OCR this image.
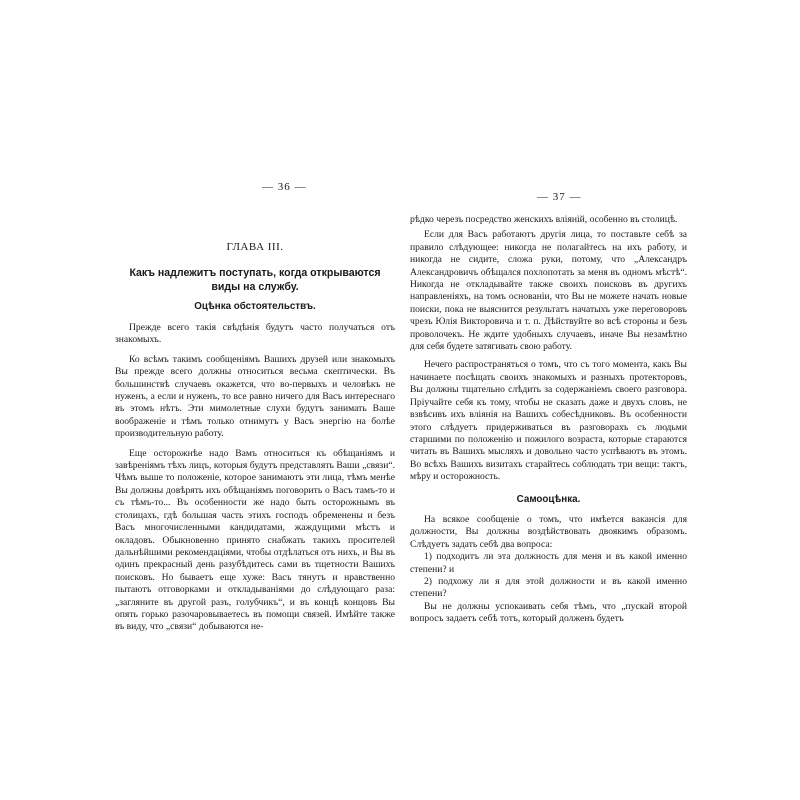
— 36 —
ГЛАВА III.
Какъ надлежитъ поступать, когда открываются виды на службу.
Оцѣнка обстоятельствъ.

Прежде всего такія свѣдѣнія будутъ часто получаться отъ знакомыхъ.

Ко всѣмъ такимъ сообщеніямъ Вашихъ друзей или знакомыхъ Вы прежде всего должны относиться весьма скептически. Въ большинствѣ случаевъ окажется, что во-первыхъ и человѣкъ не нуженъ, а если и нуженъ, то все равно ничего для Васъ интереснаго въ этомъ нѣтъ. Эти мимолетные слухи будутъ занимать Ваше воображеніе и тѣмъ только отнимутъ у Васъ энергію на болѣе производительную работу.

Еще осторожнѣе надо Вамъ относиться къ обѣщаніямъ и завѣреніямъ тѣхъ лицъ, которыя будутъ представлять Ваши „связи“. Чѣмъ выше то положеніе, которое занимаютъ эти лица, тѣмъ менѣе Вы должны довѣрять ихъ обѣщаніямъ поговорить о Васъ тамъ-то и съ тѣмъ-то... Въ особенности же надо быть осторожнымъ въ столицахъ, гдѣ большая часть этихъ господъ обременены и безъ Васъ многочисленными кандидатами, жаждущими мѣстъ и окладовъ. Обыкновенно принято снабжать такихъ просителей дальнѣйшими рекомендаціями, чтобы отдѣлаться отъ нихъ, и Вы въ одинъ прекрасный день разубѣдитесь сами въ тщетности Вашихъ поисковъ. Но бываетъ еще хуже: Васъ тянутъ и нравственно пытаютъ отговорками и откладываніями до слѣдующаго раза: „загляните въ другой разъ, голубчикъ“, и въ концѣ концовъ Вы опять горько разочаровываетесь въ помощи связей. Имѣйте также въ виду, что „связи“ добываются не-

— 37 —

рѣдко черезъ посредство женскихъ вліяній, особенно въ столицѣ.

Если для Васъ работаютъ другія лица, то поставьте себѣ за правило слѣдующее: никогда не полагайтесь на ихъ работу, и никогда не сидите, сложа руки, потому, что „Александръ Александровичъ обѣщался похлопотать за меня въ одномъ мѣстѣ“. Никогда не откладывайте также своихъ поисковъ въ другихъ направленіяхъ, на томъ основаніи, что Вы не можете начать новые поиски, пока не выяснится результатъ начатыхъ уже переговоровъ чрезъ Юлія Викторовича и т. п. Дѣйствуйте во всѣ стороны и безъ проволочекъ. Не ждите удобныхъ случаевъ, иначе Вы незамѣтно для себя будете затягивать свою работу.

Нечего распространяться о томъ, что съ того момента, какъ Вы начинаете посѣщать своихъ знакомыхъ и разныхъ протекторовъ, Вы должны тщательно слѣдить за содержаніемъ своего разговора. Пріучайте себя къ тому, чтобы не сказать даже и двухъ словъ, не взвѣсивъ ихъ вліянія на Вашихъ собесѣдниковъ. Въ особенности этого слѣдуетъ придерживаться въ разговорахъ съ людьми старшими по положенію и пожилого возраста, которые стараются читать въ Вашихъ мысляхъ и довольно часто успѣваютъ въ этомъ. Во всѣхъ Вашихъ визитахъ старайтесь соблюдать три вещи: тактъ, мѣру и осторожность.

Самооцѣнка.

На всякое сообщеніе о томъ, что имѣется вакансія для должности, Вы должны воздѣйствовать двоякимъ образомъ. Слѣдуетъ задать себѣ два вопроса:

1) подходитъ ли эта должность для меня и въ какой именно степени? и

2) подхожу ли я для этой должности и въ какой именно степени?

Вы не должны успокаивать себя тѣмъ, что „пускай второй вопросъ задаетъ себѣ тотъ, который долженъ будетъ
